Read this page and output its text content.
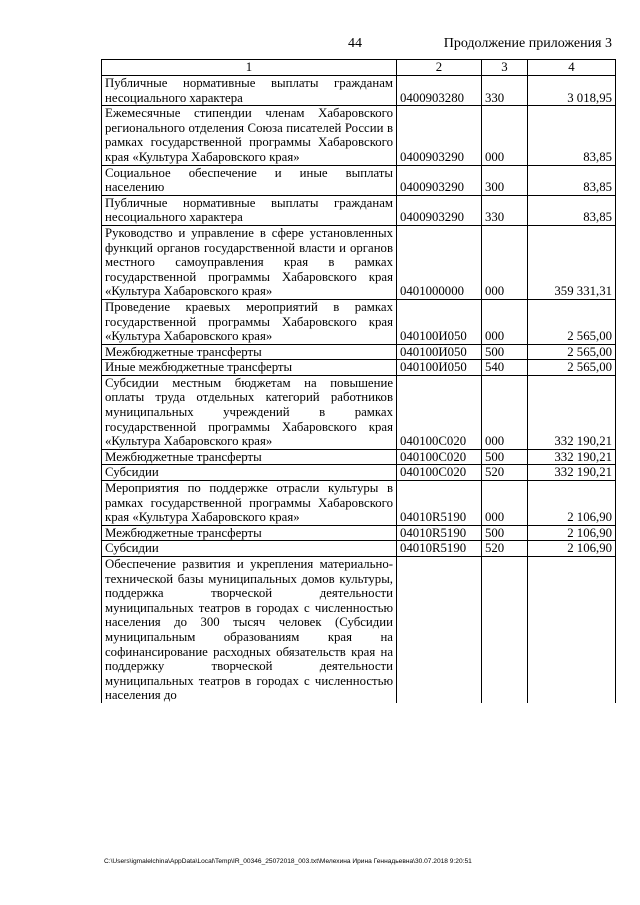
44	Продолжение приложения 3
1	2	3	4
Публичные нормативные выплаты гражданам несоциального характера	0400903280	330	3 018,95
Ежемесячные стипендии членам Хабаровского регионального отделения Союза писателей России в рамках государственной программы Хабаровского края «Культура Хабаровского края»	0400903290	000	83,85
Социальное обеспечение и иные выплаты населению	0400903290	300	83,85
Публичные нормативные выплаты гражданам несоциального характера	0400903290	330	83,85
Руководство и управление в сфере установленных функций органов государственной власти и органов местного самоуправления края в рамках государственной программы Хабаровского края «Культура Хабаровского края»	0401000000	000	359 331,31
Проведение краевых мероприятий в рамках государственной программы Хабаровского края «Культура Хабаровского края»	040100И050	000	2 565,00
Межбюджетные трансферты	040100И050	500	2 565,00
Иные межбюджетные трансферты	040100И050	540	2 565,00
Субсидии местным бюджетам на повышение оплаты труда отдельных категорий работников муниципальных учреждений в рамках государственной программы Хабаровского края «Культура Хабаровского края»	040100С020	000	332 190,21
Межбюджетные трансферты	040100С020	500	332 190,21
Субсидии	040100С020	520	332 190,21
Мероприятия по поддержке отрасли культуры в рамках государственной программы Хабаровского края «Культура Хабаровского края»	04010R5190	000	2 106,90
Межбюджетные трансферты	04010R5190	500	2 106,90
Субсидии	04010R5190	520	2 106,90
Обеспечение развития и укрепления материально-технической базы муниципальных домов культуры, поддержка творческой деятельности муниципальных театров в городах с численностью населения до 300 тысяч человек (Субсидии муниципальным образованиям края на софинансирование расходных обязательств края на поддержку творческой деятельности муниципальных театров в городах с численностью населения до			
C:\Users\igmalelchina\AppData\Local\Temp\IR_00346_25072018_003.txt\Мелехина Ирина Геннадьевна\30.07.2018 9:20:51
